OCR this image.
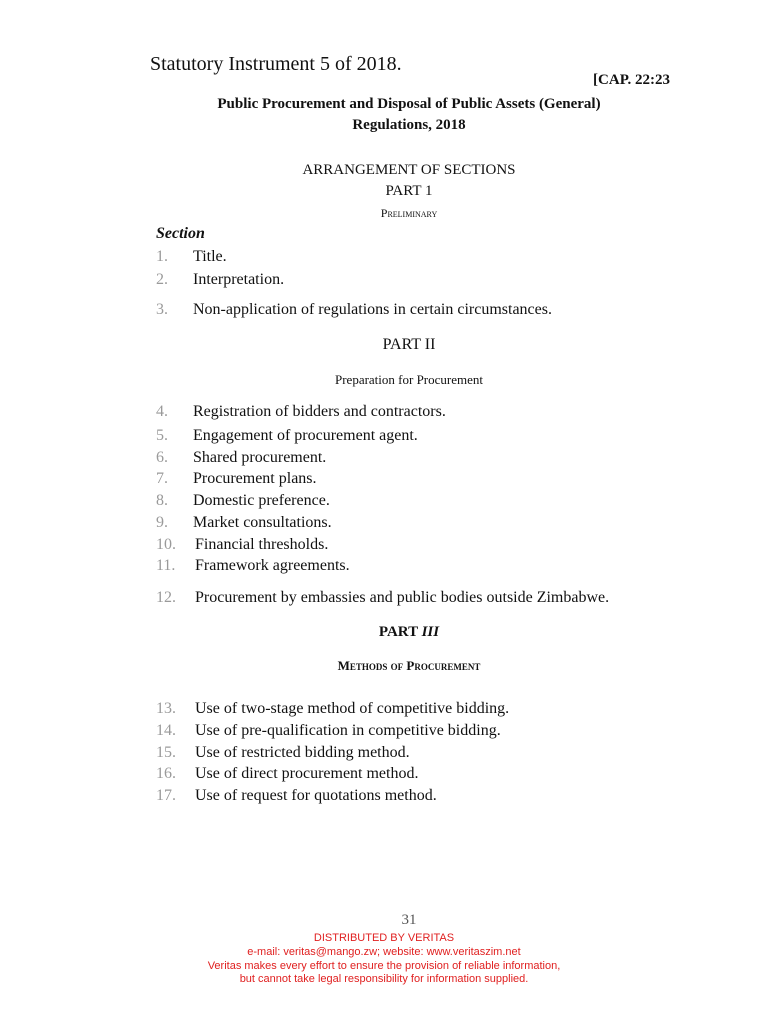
Statutory Instrument 5 of 2018.
[CAP. 22:23
Public Procurement and Disposal of Public Assets (General)
Regulations, 2018
ARRANGEMENT OF SECTIONS
PART 1
Preliminary
Section
1. Title.
2. Interpretation.
3. Non-application of regulations in certain circumstances.
PART II
Preparation for Procurement
4. Registration of bidders and contractors.
5. Engagement of procurement agent.
6. Shared procurement.
7. Procurement plans.
8. Domestic preference.
9. Market consultations.
10. Financial thresholds.
11. Framework agreements.
12. Procurement by embassies and public bodies outside Zimbabwe.
PART III
Methods of Procurement
13. Use of two-stage method of competitive bidding.
14. Use of pre-qualification in competitive bidding.
15. Use of restricted bidding method.
16. Use of direct procurement method.
17. Use of request for quotations method.
31
DISTRIBUTED BY VERITAS
e-mail: veritas@mango.zw; website: www.veritaszim.net
Veritas makes every effort to ensure the provision of reliable information,
but cannot take legal responsibility for information supplied.
